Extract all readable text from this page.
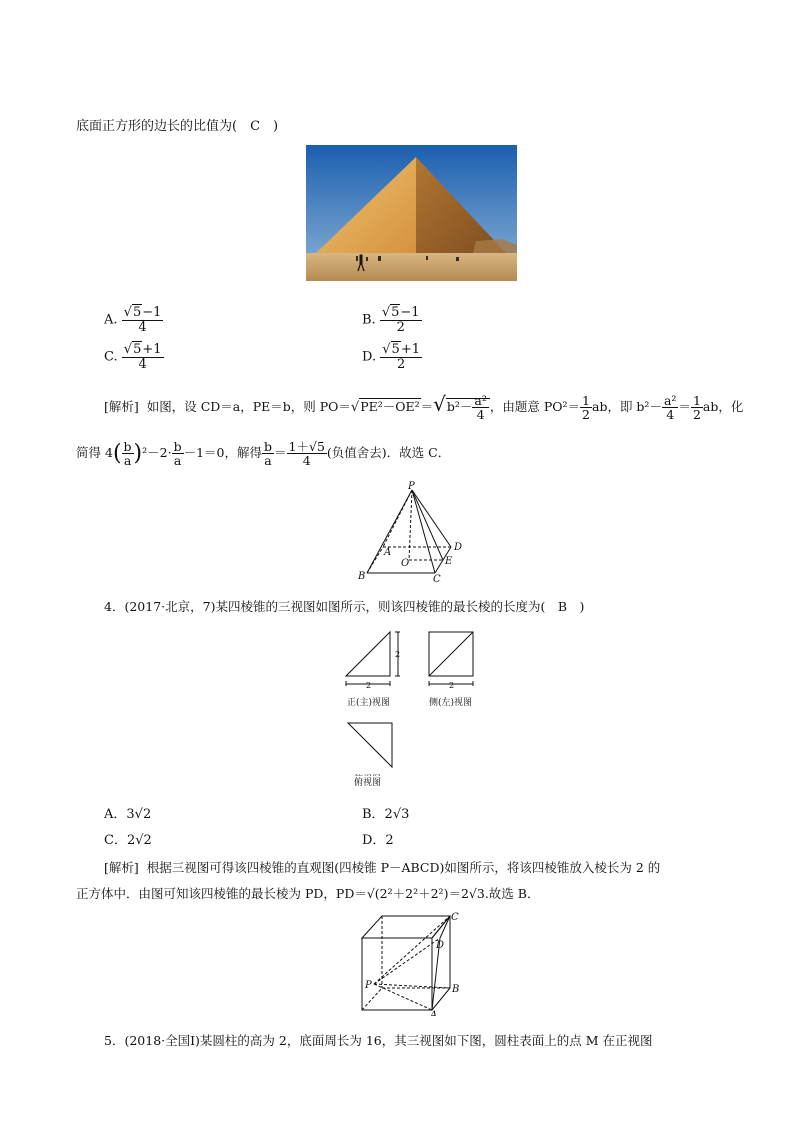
底面正方形的边长的比值为(　C　)
A. $\frac{√5-1}{4}$	B. $\frac{√5-1}{2}$
C. $\frac{√5+1}{4}$	D. $\frac{√5+1}{2}$
[解析] 如图，设 CD＝a，PE＝b，则 $PO=√PE^2-OE^2=√b^2- \frac{\text{a²}}{4}$ ，由题意 $PO^2= \frac{1}{2}$ ab，即 $b^2- \frac{\text{a²}}{4} = \frac{1}{2}$ ab，化
简得 $4( \frac{b}{a} )^2-2\cdot \frac{b}{a} -1=0$，解得 $\frac{b}{a} = \frac{1+√5}{4}$ (负值舍去)．故选 C．
P
A
B	C
D
E
O
4．(2017·北京，7)某四棱锥的三视图如图所示，则该四棱锥的最长棱的长度为(　B　)
2
2	2
正(主)视图	侧(左)视图
俯视图
A．3√2	B．2√3
C．2√2	D．2
[解析] 根据三视图可得该四棱锥的直观图(四棱锥 P－ABCD)如图所示，将该四棱锥放入棱长为 2 的
正方体中．由图可知该四棱锥的最长棱为 PD，PD＝√(2²＋2²＋2²)＝2√3.故选 B．
P
A
B
C
D
5．(2018·全国Ⅰ)某圆柱的高为 2，底面周长为 16，其三视图如下图，圆柱表面上的点 M 在正视图
